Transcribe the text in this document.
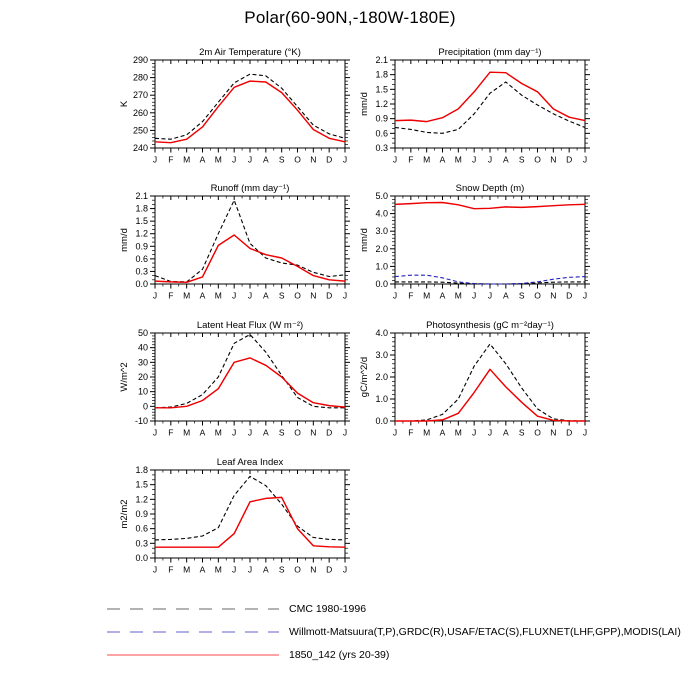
Polar(60-90N,-180W-180E)
240
250
260
270
280
290
J F M A M J J A S O N D J
2m Air Temperature (°K)
K
0.3
0.6
0.9
1.2
1.5
1.8
2.1
J F M A M J J A S O N D J
Precipitation (mm day⁻¹)
mm/d
0.0
0.3
0.6
0.9
1.2
1.5
1.8
2.1
J F M A M J J A S O N D J
Runoff (mm day⁻¹)
mm/d
0.0
1.0
2.0
3.0
4.0
5.0
J F M A M J J A S O N D J
Snow Depth (m)
mm/d
-10
0
10
20
30
40
50
J F M A M J J A S O N D J
Latent Heat Flux (W m⁻²)
W/m^2
0.0
1.0
2.0
3.0
4.0
J F M A M J J A S O N D J
Photosynthesis (gC m⁻²day⁻¹)
gC/m^2/d
0.0
0.3
0.6
0.9
1.2
1.5
1.8
J F M A M J J A S O N D J
Leaf Area Index
m2/m2
CMC 1980-1996
Willmott-Matsuura(T,P),GRDC(R),USAF/ETAC(S),FLUXNET(LHF,GPP),MODIS(LAI)
1850_142 (yrs 20-39)
